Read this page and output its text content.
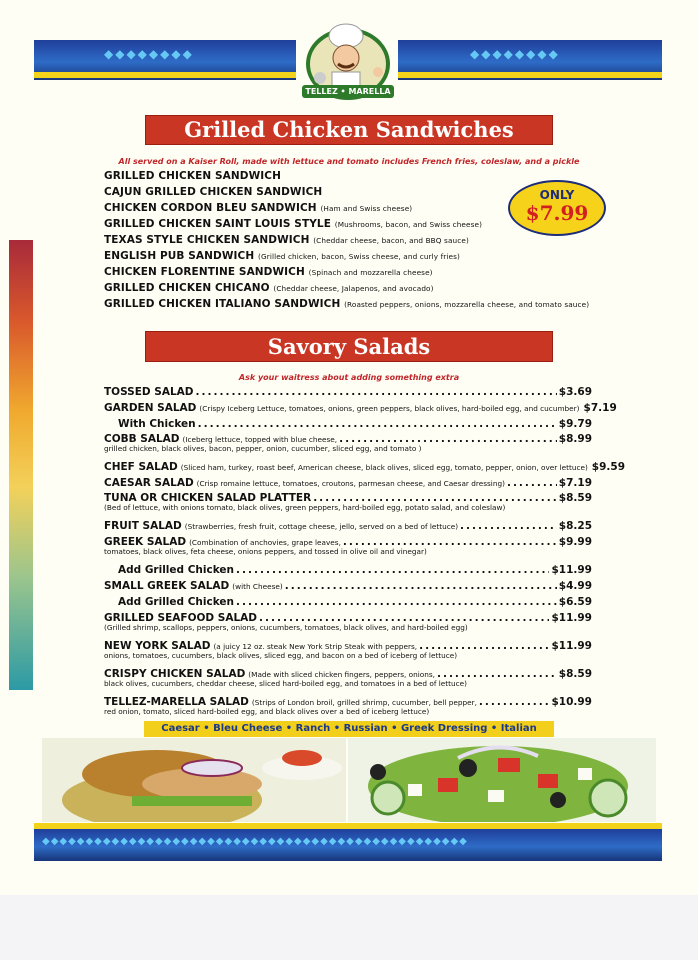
◆◆◆◆◆◆◆◆	◆◆◆◆◆◆◆◆
TELLEZ • MARELLA
Grilled Chicken Sandwiches
All served on a Kaiser Roll, made with lettuce and tomato includes French fries, coleslaw, and a pickle
GRILLED CHICKEN SANDWICH
CAJUN GRILLED CHICKEN SANDWICH
CHICKEN CORDON BLEU SANDWICH (Ham and Swiss cheese)
GRILLED CHICKEN SAINT LOUIS STYLE (Mushrooms, bacon, and Swiss cheese)
TEXAS STYLE CHICKEN SANDWICH (Cheddar cheese, bacon, and BBQ sauce)
ENGLISH PUB SANDWICH (Grilled chicken, bacon, Swiss cheese, and curly fries)
CHICKEN FLORENTINE SANDWICH (Spinach and mozzarella cheese)
GRILLED CHICKEN CHICANO (Cheddar cheese, Jalapenos, and avocado)
GRILLED CHICKEN ITALIANO SANDWICH (Roasted peppers, onions, mozzarella cheese, and tomato sauce)
ONLY
$7.99
Savory Salads
Ask your waitress about adding something extra
TOSSED SALAD .....	$3.69
GARDEN SALAD (Crispy Iceberg Lettuce, tomatoes, onions, green peppers, black olives, hard-boiled egg, and cucumber) $7.19
With Chicken .....	$9.79
COBB SALAD (Iceberg lettuce, topped with blue cheese, .....	$8.99
grilled chicken, black olives, bacon, pepper, onion, cucumber, sliced egg, and tomato )
CHEF SALAD (Sliced ham, turkey, roast beef, American cheese, black olives, sliced egg, tomato, pepper, onion, over lettuce) $9.59
CAESAR SALAD (Crisp romaine lettuce, tomatoes, croutons, parmesan cheese, and Caesar dressing) .....	$7.19
TUNA OR CHICKEN SALAD PLATTER .....	$8.59
(Bed of lettuce, with onions tomato, black olives, green peppers, hard-boiled egg, potato salad, and coleslaw)
FRUIT SALAD (Strawberries, fresh fruit, cottage cheese, jello, served on a bed of lettuce) .....	$8.25
GREEK SALAD (Combination of anchovies, grape leaves, .....	$9.99
tomatoes, black olives, feta cheese, onions peppers, and tossed in olive oil and vinegar)
Add Grilled Chicken .....	$11.99
SMALL GREEK SALAD (with Cheese) .....	$4.99
Add Grilled Chicken .....	$6.59
GRILLED SEAFOOD SALAD .....	$11.99
(Grilled shrimp, scallops, peppers, onions, cucumbers, tomatoes, black olives, and hard-boiled egg)
NEW YORK SALAD (a juicy 12 oz. steak New York Strip Steak with peppers, .....	$11.99
onions, tomatoes, cucumbers, black olives, sliced egg, and bacon on a bed of iceberg of lettuce)
CRISPY CHICKEN SALAD (Made with sliced chicken fingers, peppers, onions, .....	$8.59
black olives, cucumbers, cheddar cheese, sliced hard-boiled egg, and tomatoes in a bed of lettuce)
TELLEZ-MARELLA SALAD (Strips of London broil, grilled shrimp, cucumber, bell pepper, .....	$10.99
red onion, tomato, sliced hard-boiled egg, and black olives over a bed of iceberg lettuce)
Caesar • Bleu Cheese • Ranch • Russian • Greek Dressing • Italian
◆◆◆◆◆◆◆◆◆◆◆◆◆◆◆◆◆◆◆◆◆◆◆◆◆◆◆◆◆◆◆◆◆◆◆◆◆◆◆◆◆◆◆◆◆◆◆◆◆
